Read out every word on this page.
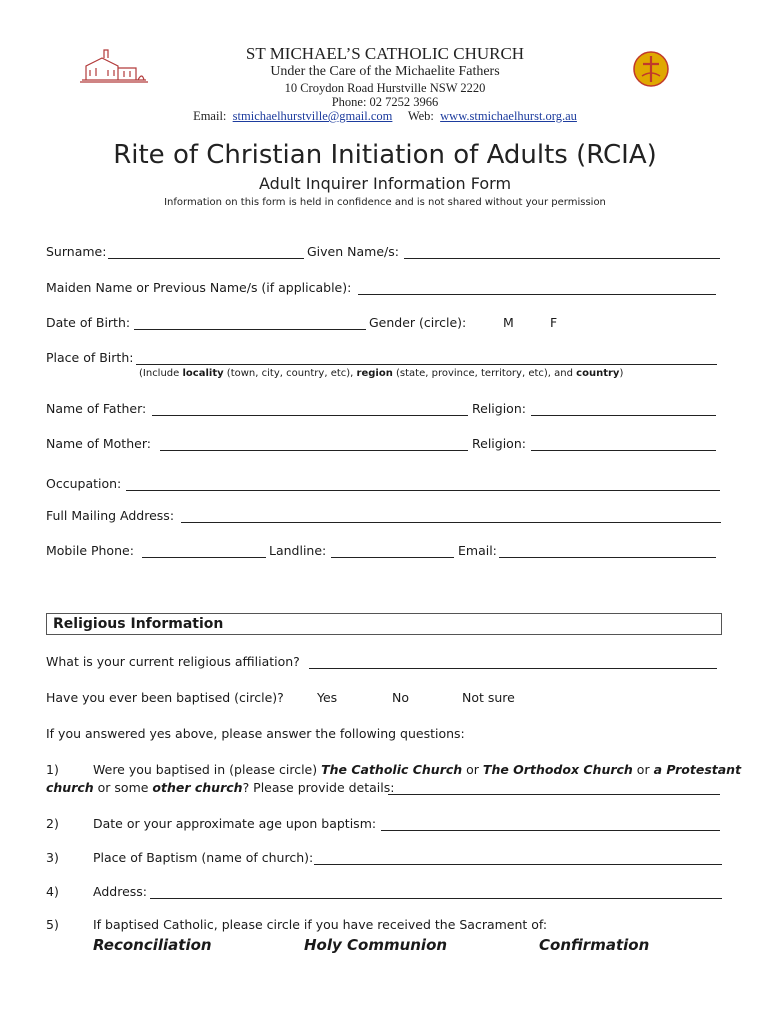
ST MICHAEL’S CATHOLIC CHURCH
Under the Care of the Michaelite Fathers
10 Croydon Road Hurstville NSW 2220
Phone: 02 7252 3966
Email: stmichaelhurstville@gmail.com Web: www.stmichaelhurst.org.au
Rite of Christian Initiation of Adults (RCIA)
Adult Inquirer Information Form
Information on this form is held in confidence and is not shared without your permission
Surname:	Given Name/s:
Maiden Name or Previous Name/s (if applicable):
Date of Birth:	Gender (circle):	M	F
Place of Birth:
(Include locality (town, city, country, etc), region (state, province, territory, etc), and country)
Name of Father:	Religion:
Name of Mother:	Religion:
Occupation:
Full Mailing Address:
Mobile Phone:	Landline:	Email:
Religious Information
What is your current religious affiliation?
Have you ever been baptised (circle)?	Yes	No	Not sure
If you answered yes above, please answer the following questions:
1)	Were you baptised in (please circle) The Catholic Church or The Orthodox Church or a Protestant
church or some other church? Please provide details:
2)	Date or your approximate age upon baptism:
3)	Place of Baptism (name of church):
4)	Address:
5)	If baptised Catholic, please circle if you have received the Sacrament of:
Reconciliation	Holy Communion	Confirmation
